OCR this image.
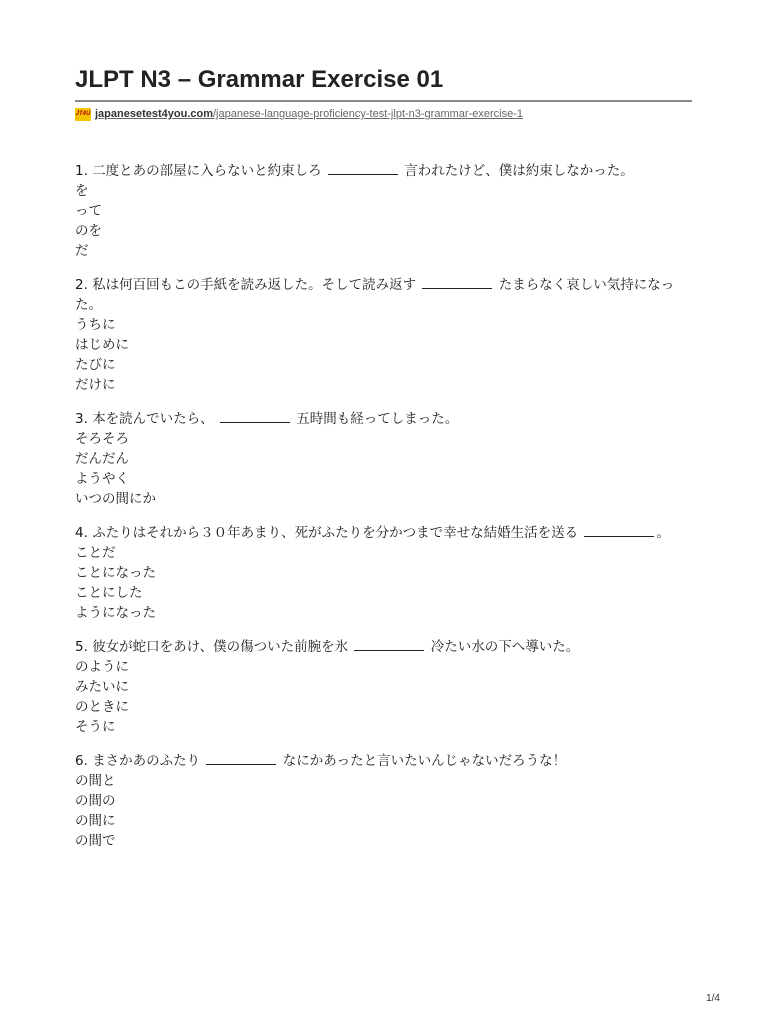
JLPT N3 – Grammar Exercise 01
JT4U japanesetest4you.com/japanese-language-proficiency-test-jlpt-n3-grammar-exercise-1

1. 二度とあの部屋に入らないと約束しろ	言われたけど、僕は約束しなかった。

を
って
のを
だ

2. 私は何百回もこの手紙を読み返した。そして読み返す	たまらなく哀しい気持になった。

うちに
はじめに
たびに
だけに

3. 本を読んでいたら、	五時間も経ってしまった。

そろそろ
だんだん
ようやく
いつの間にか

4. ふたりはそれから３０年あまり、死がふたりを分かつまで幸せな結婚生活を送る	。

ことだ
ことになった
ことにした
ようになった

5. 彼女が蛇口をあけ、僕の傷ついた前腕を氷	冷たい水の下へ導いた。

のように
みたいに
のときに
そうに

6. まさかあのふたり	なにかあったと言いたいんじゃないだろうな！

の間と
の間の
の間に
の間で
1/4
